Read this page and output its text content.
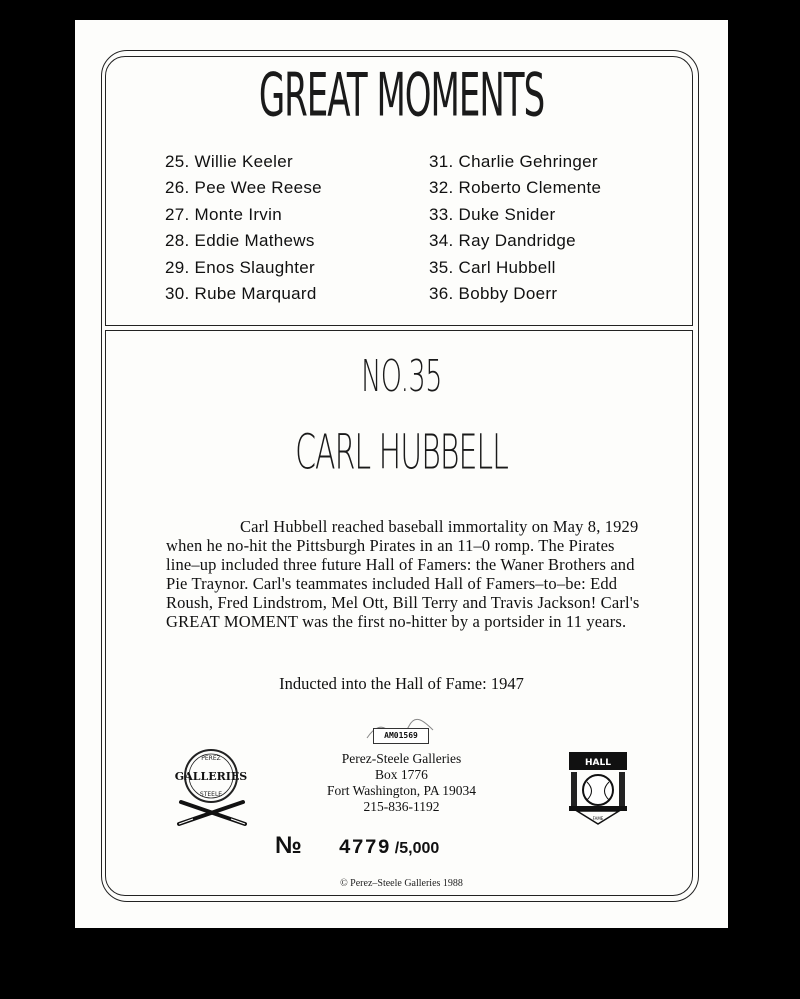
GREAT MOMENTS
25. Willie Keeler
26. Pee Wee Reese
27. Monte Irvin
28. Eddie Mathews
29. Enos Slaughter
30. Rube Marquard
31. Charlie Gehringer
32. Roberto Clemente
33. Duke Snider
34. Ray Dandridge
35. Carl Hubbell
36. Bobby Doerr
NO.35
CARL HUBBELL
Carl Hubbell reached baseball immortality on May 8, 1929 when he no-hit the Pittsburgh Pirates in an 11–0 romp. The Pirates line–up included three future Hall of Famers: the Waner Brothers and Pie Traynor. Carl's teammates included Hall of Famers–to–be: Edd Roush, Fred Lindstrom, Mel Ott, Bill Terry and Travis Jackson! Carl's GREAT MOMENT was the first no-hitter by a portsider in 11 years.
Inducted into the Hall of Fame: 1947
AM01569
Perez-Steele Galleries
Box 1776
Fort Washington, PA 19034
215-836-1192
PEREZ
GALLERIES
STEELE
HALL
FAME
№ 4779 /5,000
© Perez–Steele Galleries 1988
